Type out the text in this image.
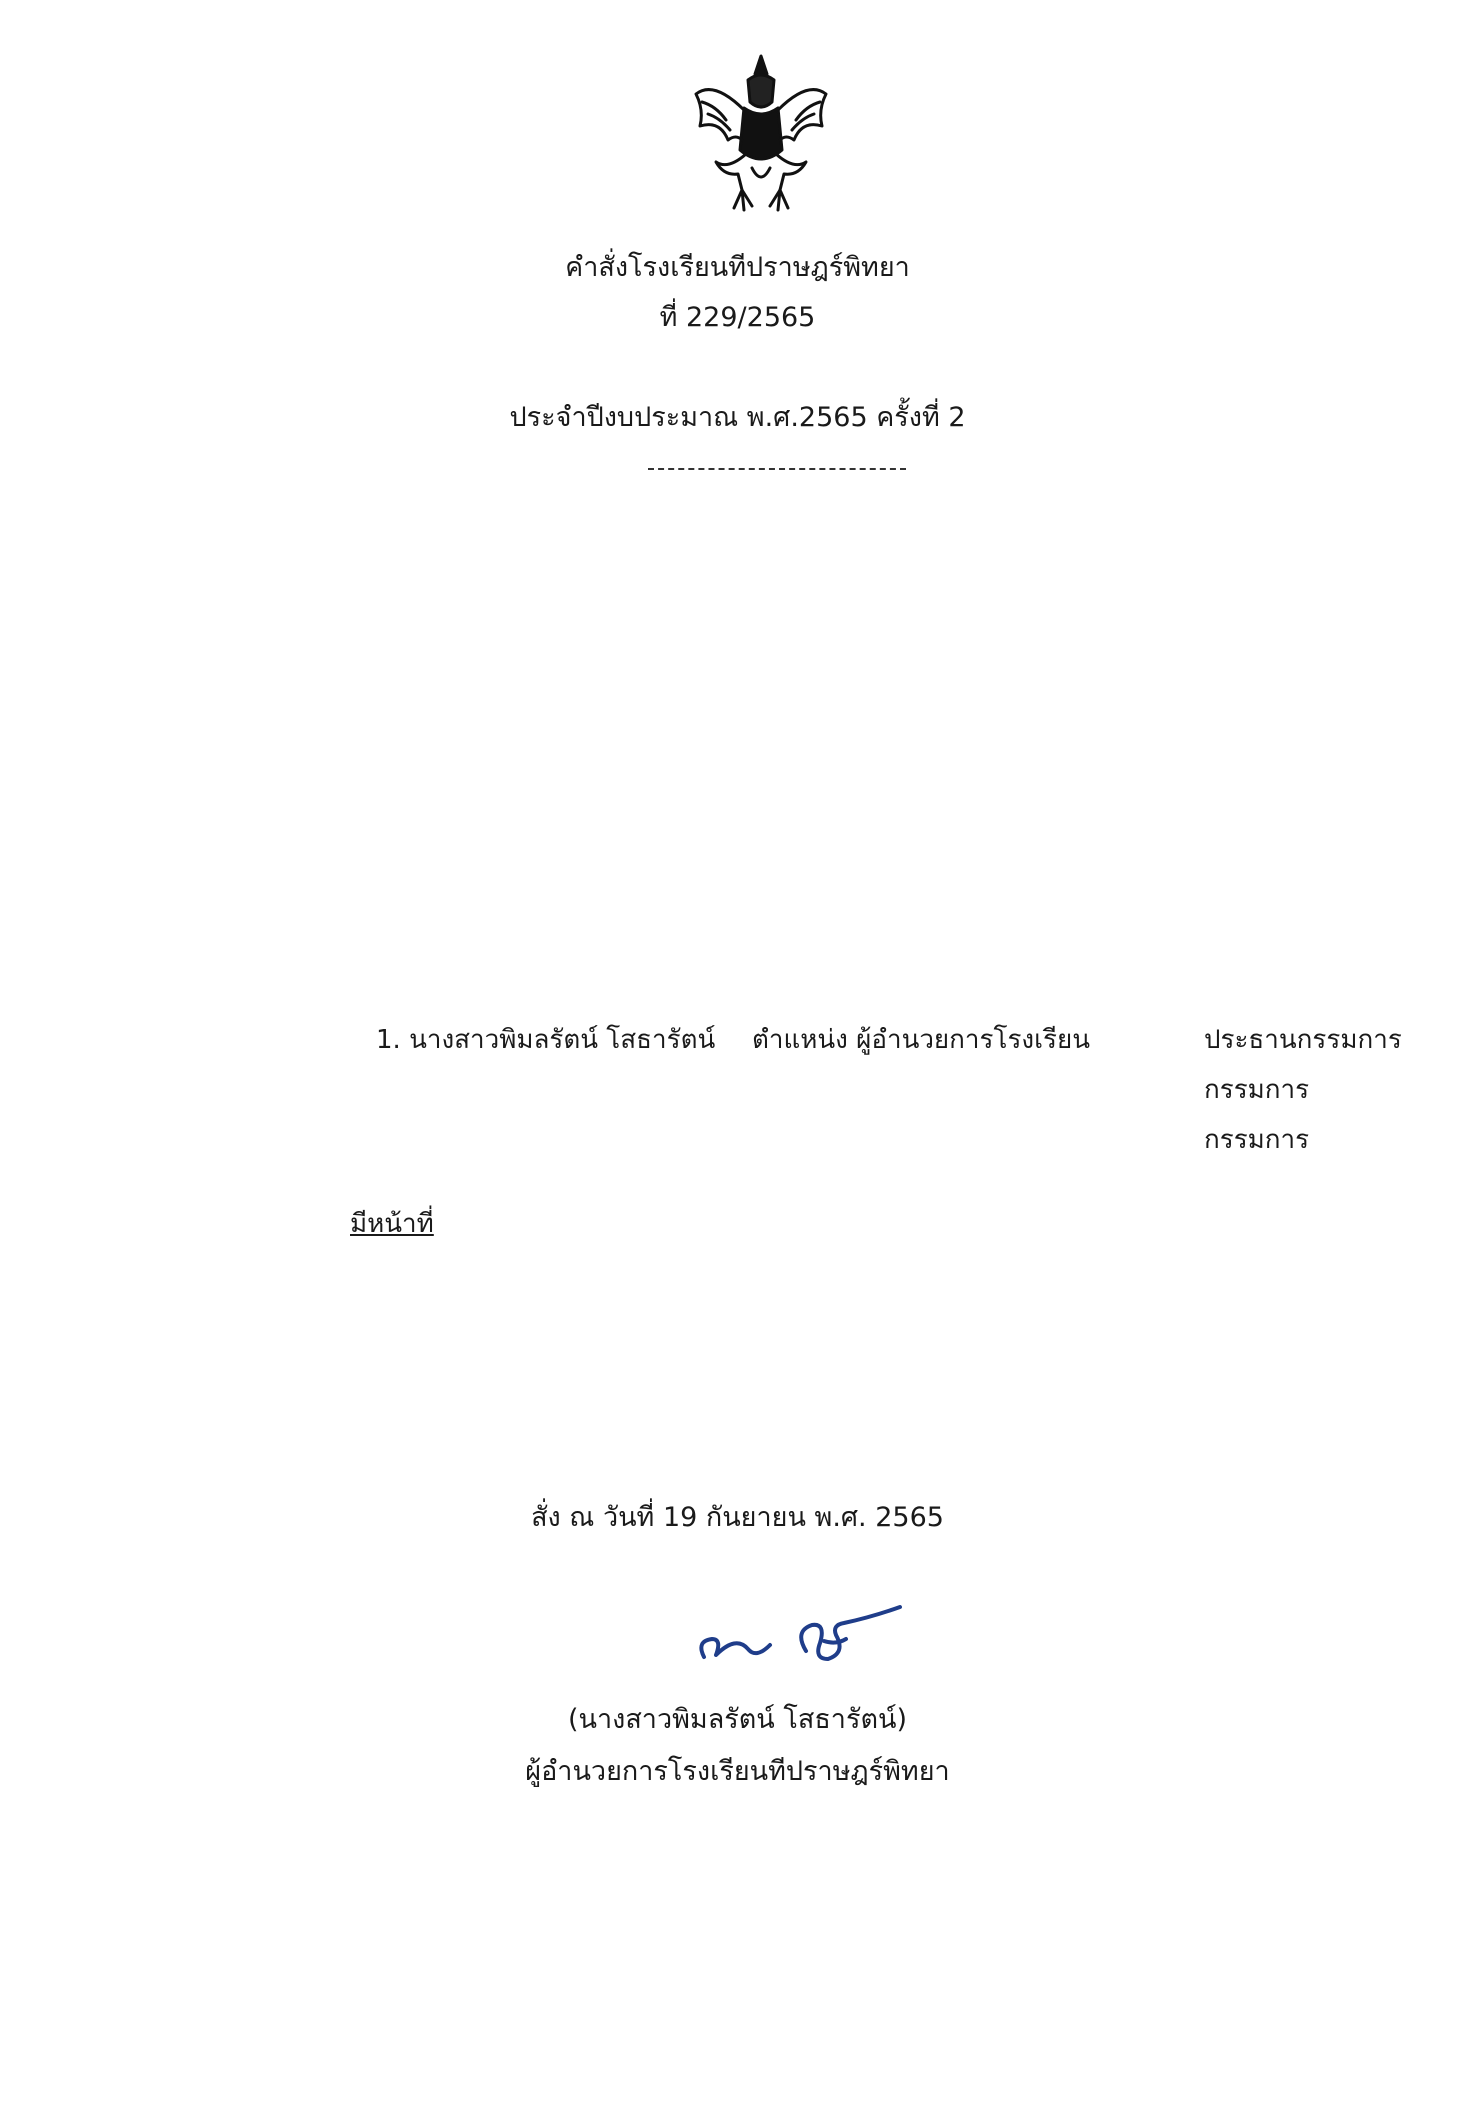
คำสั่งโรงเรียนทีปราษฎร์พิทยา
ที่ 229/2565
ประจำปีงบประมาณ พ.ศ.2565 ครั้งที่ 2

1. นางสาวพิมลรัตน์ โสธารัตน์ ตำแหน่ง ผู้อำนวยการโรงเรียน	ประธานกรรมการ
กรรมการ
กรรมการ

มีหน้าที่

สั่ง ณ วันที่ 19 กันยายน พ.ศ. 2565
(นางสาวพิมลรัตน์ โสธารัตน์)
ผู้อำนวยการโรงเรียนทีปราษฎร์พิทยา
